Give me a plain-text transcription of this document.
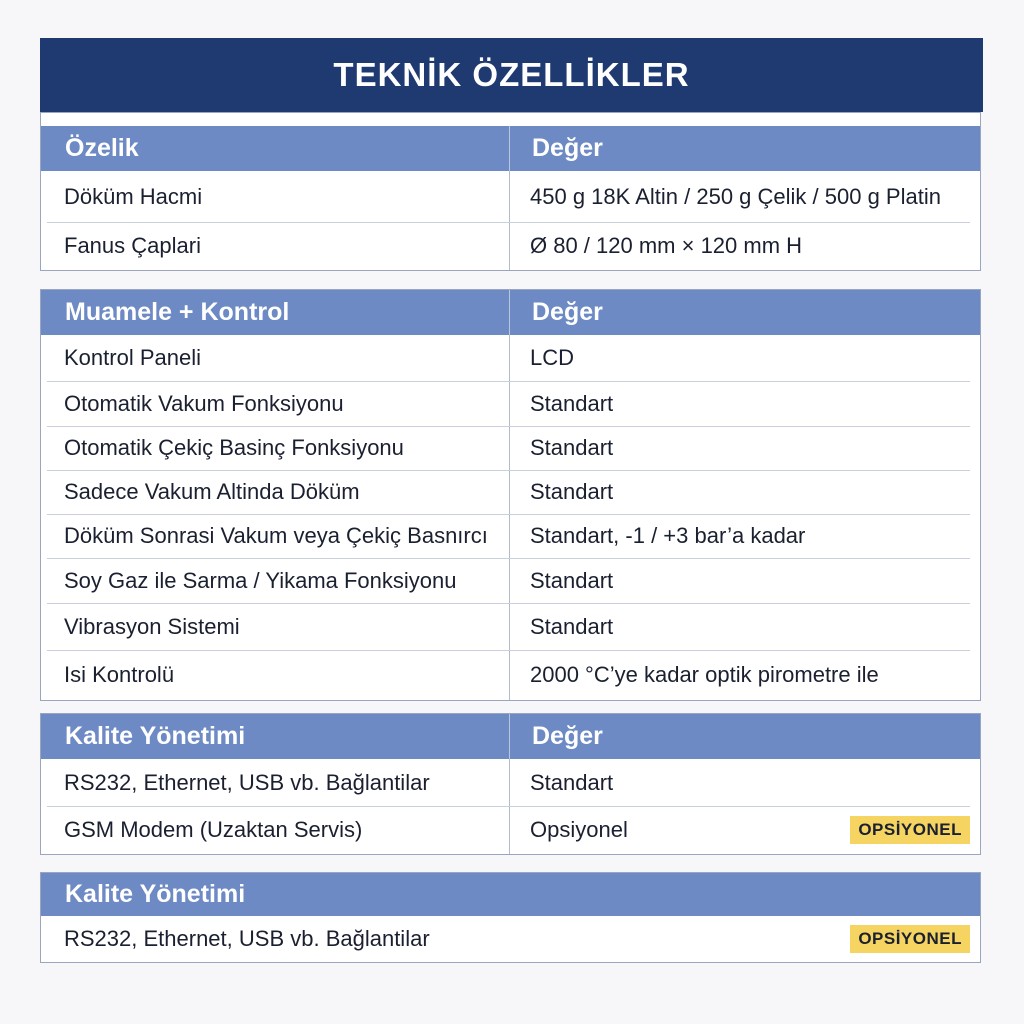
TEKNİK ÖZELLİKLER
Özelik	Değer
Döküm Hacmi	450 g 18K Altin / 250 g Çelik / 500 g Platin
Fanus Çaplari	Ø 80 / 120 mm × 120 mm H
Muamele + Kontrol	Değer
Kontrol Paneli	LCD
Otomatik Vakum Fonksiyonu	Standart
Otomatik Çekiç Basinç Fonksiyonu	Standart
Sadece Vakum Altinda Döküm	Standart
Döküm Sonrasi Vakum veya Çekiç Basnırcı	Standart, -1 / +3 bar’a kadar
Soy Gaz ile Sarma / Yikama Fonksiyonu	Standart
Vibrasyon Sistemi	Standart
Isi Kontrolü	2000 °C’ye kadar optik pirometre ile
Kalite Yönetimi	Değer
RS232, Ethernet, USB vb. Bağlantilar	Standart
GSM Modem (Uzaktan Servis)	Opsiyonel	OPSİYONEL
Kalite Yönetimi
RS232, Ethernet, USB vb. Bağlantilar	OPSİYONEL
